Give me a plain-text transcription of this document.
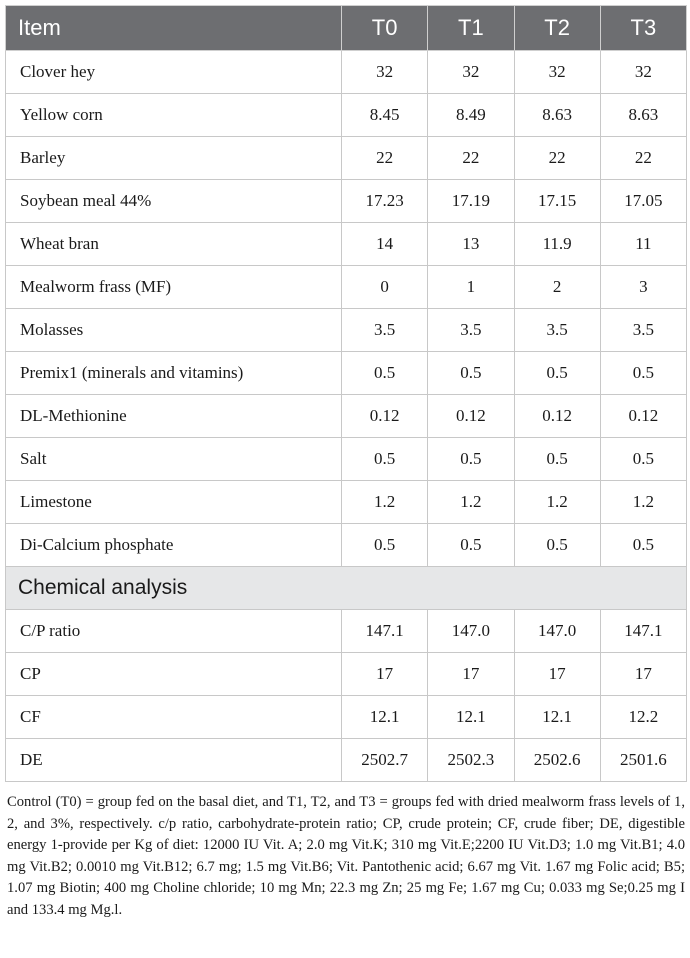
Item	T0	T1	T2	T3
Clover hey	32	32	32	32
Yellow corn	8.45	8.49	8.63	8.63
Barley	22	22	22	22
Soybean meal 44%	17.23	17.19	17.15	17.05
Wheat bran	14	13	11.9	11
Mealworm frass (MF)	0	1	2	3
Molasses	3.5	3.5	3.5	3.5
Premix1 (minerals and vitamins)	0.5	0.5	0.5	0.5
DL-Methionine	0.12	0.12	0.12	0.12
Salt	0.5	0.5	0.5	0.5
Limestone	1.2	1.2	1.2	1.2
Di-Calcium phosphate	0.5	0.5	0.5	0.5
Chemical analysis				
C/P ratio	147.1	147.0	147.0	147.1
CP	17	17	17	17
CF	12.1	12.1	12.1	12.2
DE	2502.7	2502.3	2502.6	2501.6
Control (T0) = group fed on the basal diet, and T1, T2, and T3 = groups fed with dried mealworm frass levels of 1, 2, and 3%, respectively. c/p ratio, carbohydrate-protein ratio; CP, crude protein; CF, crude fiber; DE, digestible energy 1-provide per Kg of diet: 12000 IU Vit. A; 2.0 mg Vit.K; 310 mg Vit.E;2200 IU Vit.D3; 1.0 mg Vit.B1; 4.0 mg Vit.B2; 0.0010 mg Vit.B12; 6.7 mg; 1.5 mg Vit.B6; Vit. Pantothenic acid; 6.67 mg Vit. 1.67 mg Folic acid; B5; 1.07 mg Biotin; 400 mg Choline chloride; 10 mg Mn; 22.3 mg Zn; 25 mg Fe; 1.67 mg Cu; 0.033 mg Se;0.25 mg I and 133.4 mg Mg.l.
